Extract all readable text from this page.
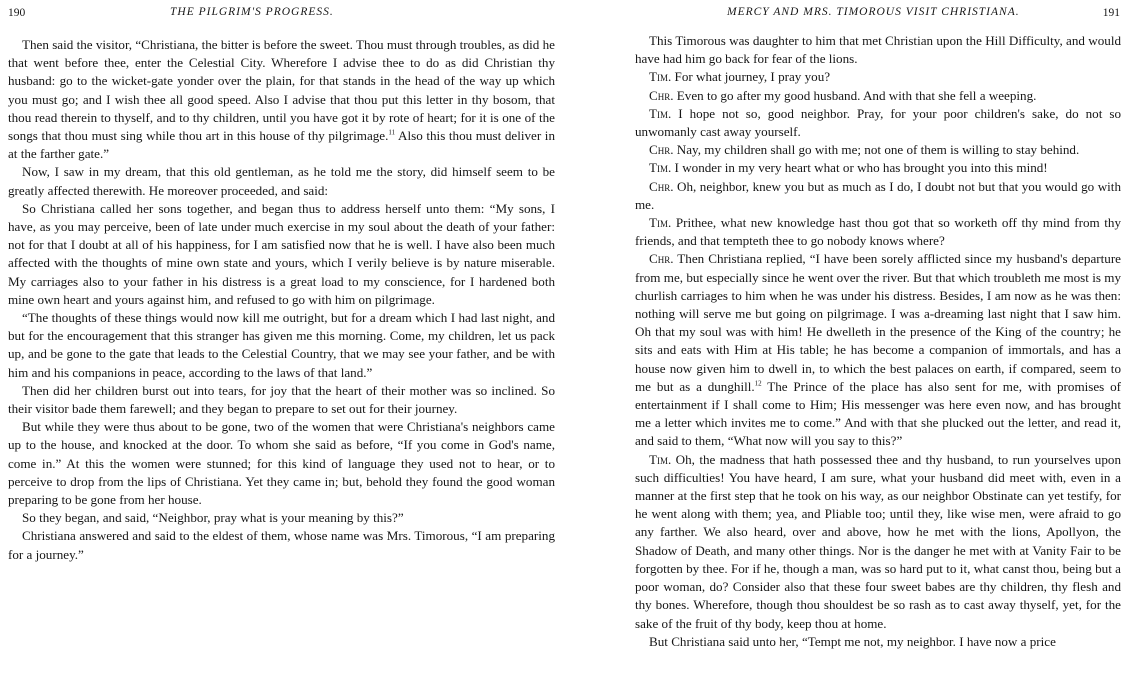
190	THE PILGRIM'S PROGRESS.

Then said the visitor, “Christiana, the bitter is before the sweet. Thou must through troubles, as did he that went before thee, enter the Celestial City. Wherefore I advise thee to do as did Christian thy husband: go to the wicket-gate yonder over the plain, for that stands in the head of the way up which you must go; and I wish thee all good speed. Also I advise that thou put this letter in thy bosom, that thou read therein to thyself, and to thy children, until you have got it by rote of heart; for it is one of the songs that thou must sing while thou art in this house of thy pilgrimage.$^{11}$ Also this thou must deliver in at the farther gate.”

Now, I saw in my dream, that this old gentleman, as he told me the story, did himself seem to be greatly affected therewith. He moreover proceeded, and said:

So Christiana called her sons together, and began thus to address herself unto them: “My sons, I have, as you may perceive, been of late under much exercise in my soul about the death of your father: not for that I doubt at all of his happiness, for I am satisfied now that he is well. I have also been much affected with the thoughts of mine own state and yours, which I verily believe is by nature miserable. My carriages also to your father in his distress is a great load to my conscience, for I hardened both mine own heart and yours against him, and refused to go with him on pilgrimage.

“The thoughts of these things would now kill me outright, but for a dream which I had last night, and but for the encouragement that this stranger has given me this morning. Come, my children, let us pack up, and be gone to the gate that leads to the Celestial Country, that we may see your father, and be with him and his companions in peace, according to the laws of that land.”

Then did her children burst out into tears, for joy that the heart of their mother was so inclined. So their visitor bade them farewell; and they began to prepare to set out for their journey.

But while they were thus about to be gone, two of the women that were Christiana's neighbors came up to the house, and knocked at the door. To whom she said as before, “If you come in God's name, come in.” At this the women were stunned; for this kind of language they used not to hear, or to perceive to drop from the lips of Christiana. Yet they came in; but, behold they found the good woman preparing to be gone from her house.

So they began, and said, “Neighbor, pray what is your meaning by this?”

Christiana answered and said to the eldest of them, whose name was Mrs. Timorous, “I am preparing for a journey.”

MERCY AND MRS. TIMOROUS VISIT CHRISTIANA.	191

This Timorous was daughter to him that met Christian upon the Hill Difficulty, and would have had him go back for fear of the lions.

Tim. For what journey, I pray you?

Chr. Even to go after my good husband. And with that she fell a weeping.

Tim. I hope not so, good neighbor. Pray, for your poor children's sake, do not so unwomanly cast away yourself.

Chr. Nay, my children shall go with me; not one of them is willing to stay behind.

Tim. I wonder in my very heart what or who has brought you into this mind!

Chr. Oh, neighbor, knew you but as much as I do, I doubt not but that you would go with me.

Tim. Prithee, what new knowledge hast thou got that so worketh off thy mind from thy friends, and that tempteth thee to go nobody knows where?

Chr. Then Christiana replied, “I have been sorely afflicted since my husband's departure from me, but especially since he went over the river. But that which troubleth me most is my churlish carriages to him when he was under his distress. Besides, I am now as he was then: nothing will serve me but going on pilgrimage. I was a-dreaming last night that I saw him. Oh that my soul was with him! He dwelleth in the presence of the King of the country; he sits and eats with Him at His table; he has become a companion of immortals, and has a house now given him to dwell in, to which the best palaces on earth, if compared, seem to me but as a dunghill.$^{12}$ The Prince of the place has also sent for me, with promises of entertainment if I shall come to Him; His messenger was here even now, and has brought me a letter which invites me to come.” And with that she plucked out the letter, and read it, and said to them, “What now will you say to this?”

Tim. Oh, the madness that hath possessed thee and thy husband, to run yourselves upon such difficulties! You have heard, I am sure, what your husband did meet with, even in a manner at the first step that he took on his way, as our neighbor Obstinate can yet testify, for he went along with them; yea, and Pliable too; until they, like wise men, were afraid to go any farther. We also heard, over and above, how he met with the lions, Apollyon, the Shadow of Death, and many other things. Nor is the danger he met with at Vanity Fair to be forgotten by thee. For if he, though a man, was so hard put to it, what canst thou, being but a poor woman, do? Consider also that these four sweet babes are thy children, thy flesh and thy bones. Wherefore, though thou shouldest be so rash as to cast away thyself, yet, for the sake of the fruit of thy body, keep thou at home.

But Christiana said unto her, “Tempt me not, my neighbor. I have now a price
